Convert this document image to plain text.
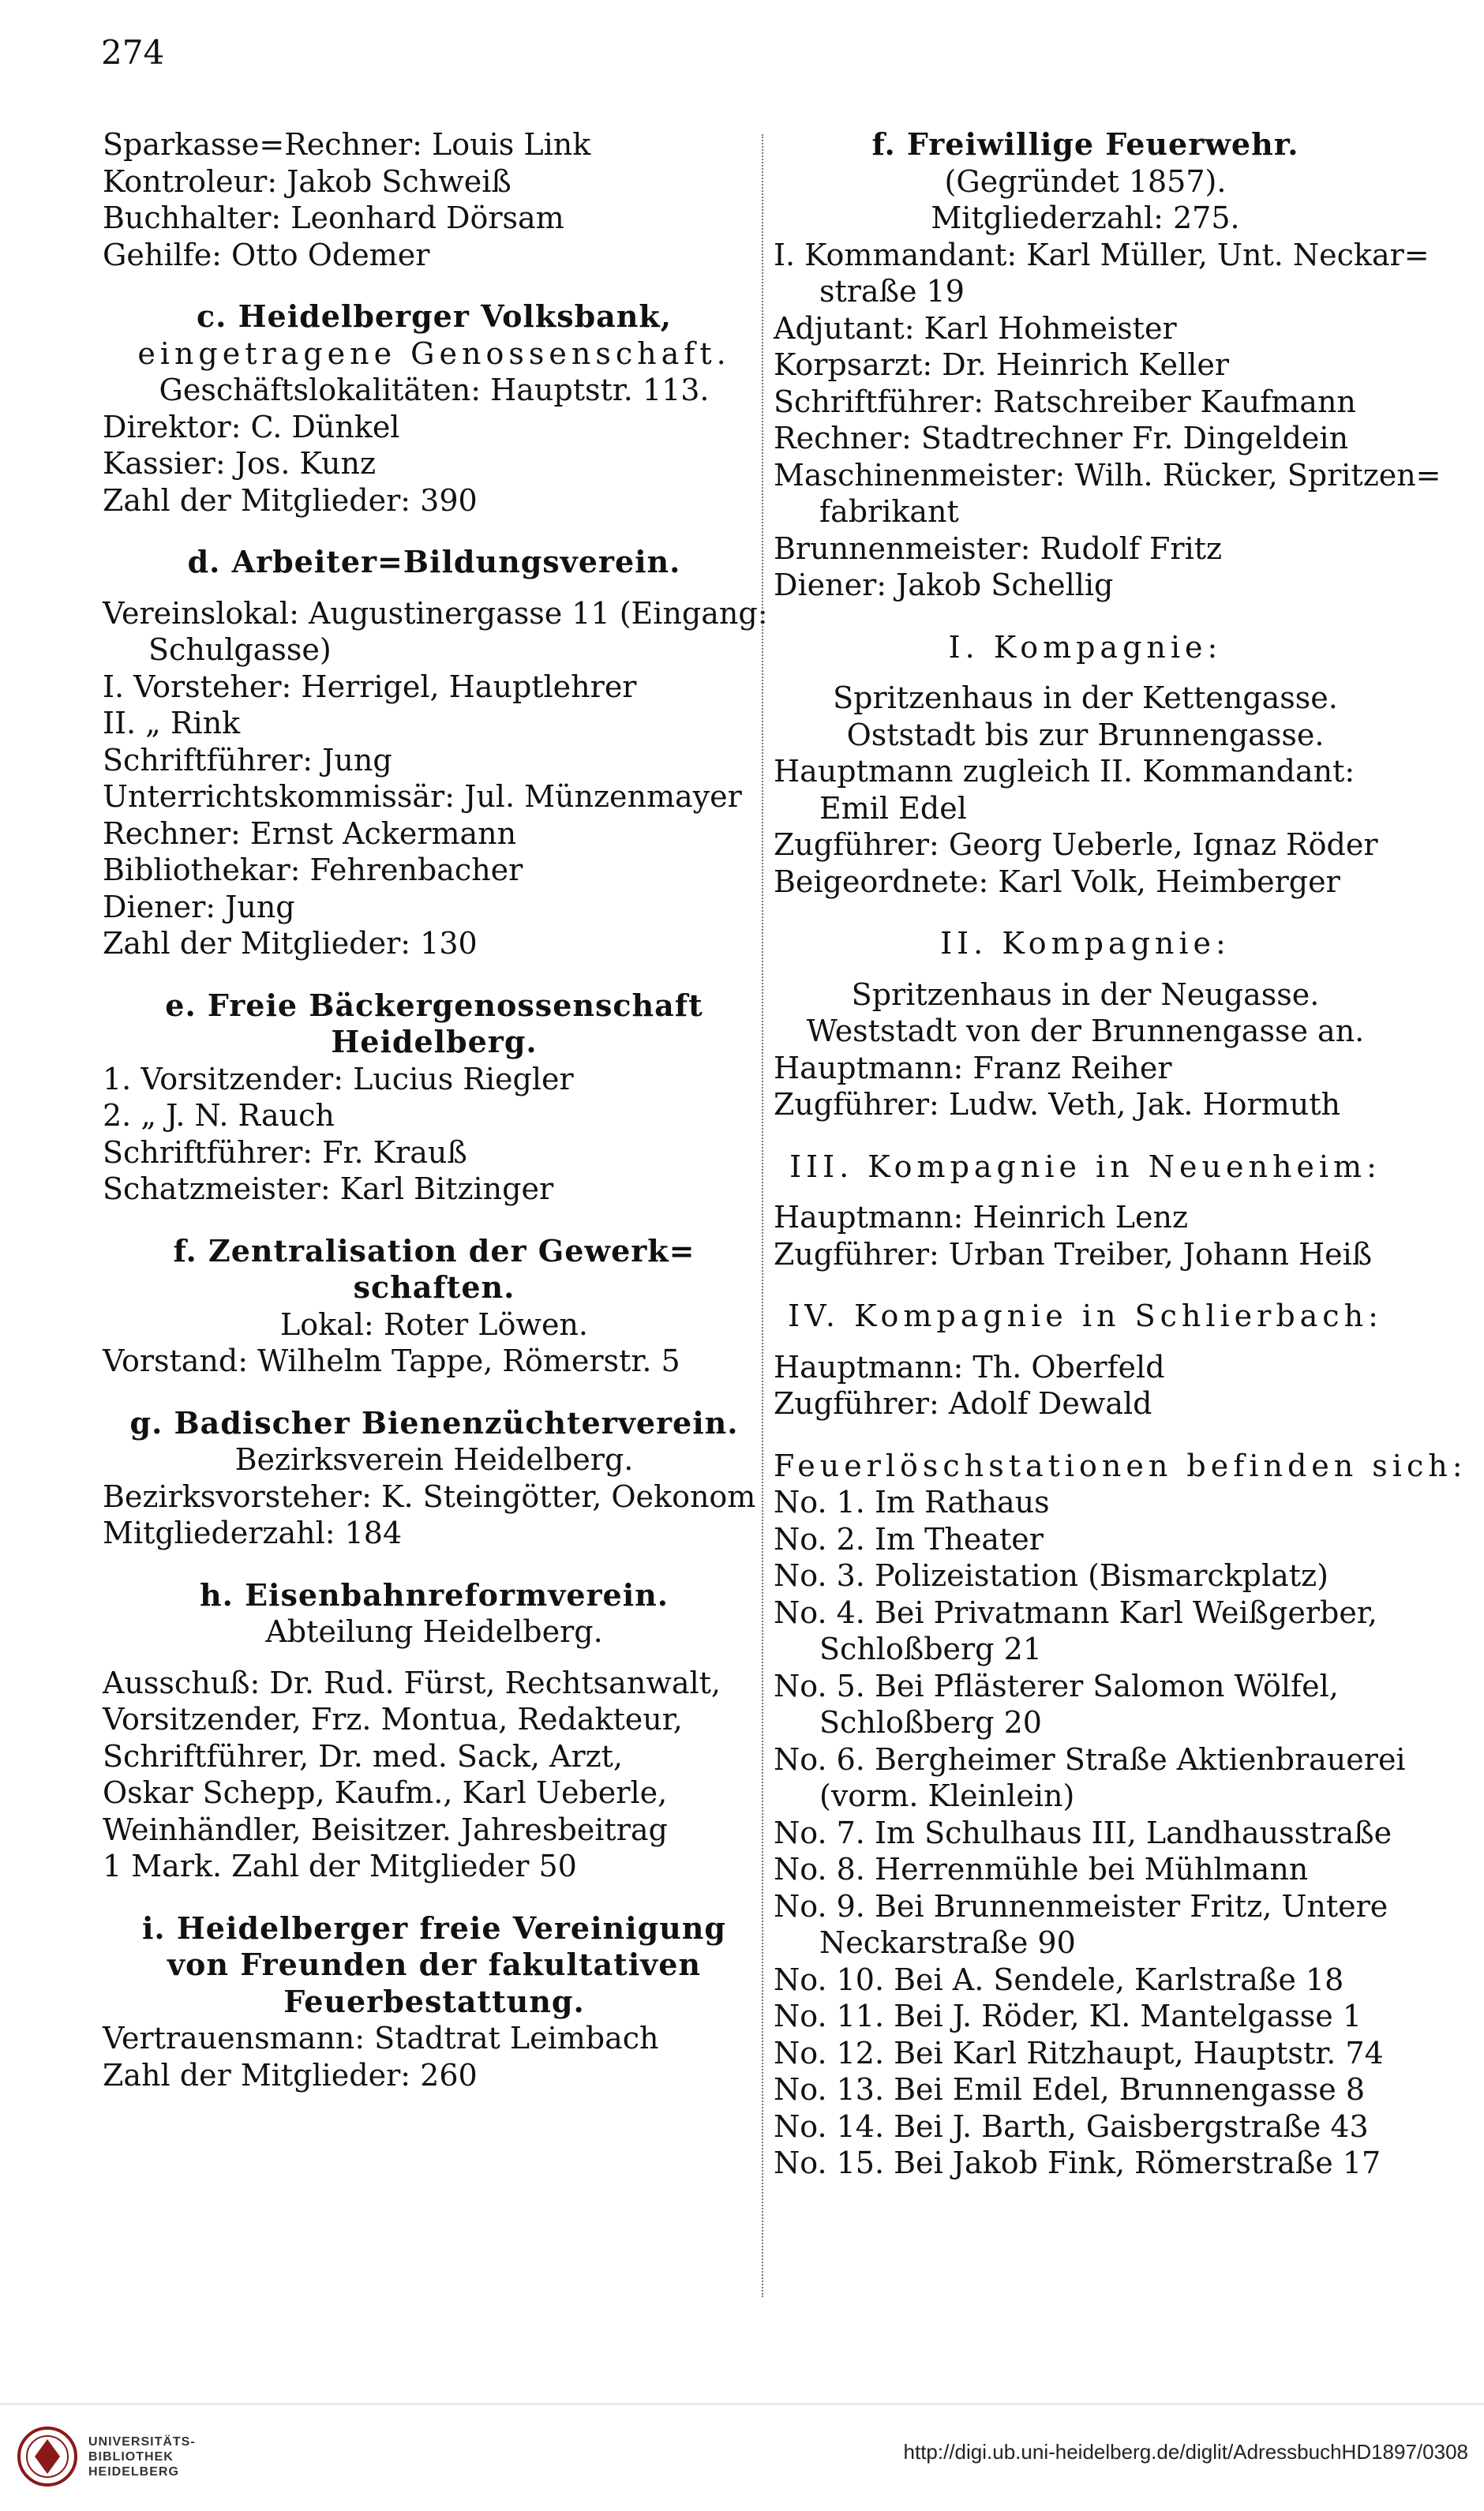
274
Sparkasse=Rechner: Louis Link
Kontroleur: Jakob Schweiß
Buchhalter: Leonhard Dörsam
Gehilfe: Otto Odemer
c. Heidelberger Volksbank,
eingetragene Genossenschaft.
Geschäftslokalitäten: Hauptstr. 113.
Direktor: C. Dünkel
Kassier: Jos. Kunz
Zahl der Mitglieder: 390
d. Arbeiter=Bildungsverein.
Vereinslokal: Augustinergasse 11 (Eingang:
Schulgasse)
I. Vorsteher: Herrigel, Hauptlehrer
II. „ Rink
Schriftführer: Jung
Unterrichtskommissär: Jul. Münzenmayer
Rechner: Ernst Ackermann
Bibliothekar: Fehrenbacher
Diener: Jung
Zahl der Mitglieder: 130
e. Freie Bäckergenossenschaft
Heidelberg.
1. Vorsitzender: Lucius Riegler
2. „ J. N. Rauch
Schriftführer: Fr. Krauß
Schatzmeister: Karl Bitzinger
f. Zentralisation der Gewerk=
schaften.
Lokal: Roter Löwen.
Vorstand: Wilhelm Tappe, Römerstr. 5
g. Badischer Bienenzüchterverein.
Bezirksverein Heidelberg.
Bezirksvorsteher: K. Steingötter, Oekonom
Mitgliederzahl: 184
h. Eisenbahnreformverein.
Abteilung Heidelberg.
Ausschuß: Dr. Rud. Fürst, Rechtsanwalt,
Vorsitzender, Frz. Montua, Redakteur,
Schriftführer, Dr. med. Sack, Arzt,
Oskar Schepp, Kaufm., Karl Ueberle,
Weinhändler, Beisitzer. Jahresbeitrag
1 Mark. Zahl der Mitglieder 50
i. Heidelberger freie Vereinigung
von Freunden der fakultativen
Feuerbestattung.
Vertrauensmann: Stadtrat Leimbach
Zahl der Mitglieder: 260
f. Freiwillige Feuerwehr.
(Gegründet 1857).
Mitgliederzahl: 275.
I. Kommandant: Karl Müller, Unt. Neckar=
straße 19
Adjutant: Karl Hohmeister
Korpsarzt: Dr. Heinrich Keller
Schriftführer: Ratschreiber Kaufmann
Rechner: Stadtrechner Fr. Dingeldein
Maschinenmeister: Wilh. Rücker, Spritzen=
fabrikant
Brunnenmeister: Rudolf Fritz
Diener: Jakob Schellig
I. Kompagnie:
Spritzenhaus in der Kettengasse.
Oststadt bis zur Brunnengasse.
Hauptmann zugleich II. Kommandant:
Emil Edel
Zugführer: Georg Ueberle, Ignaz Röder
Beigeordnete: Karl Volk, Heimberger
II. Kompagnie:
Spritzenhaus in der Neugasse.
Weststadt von der Brunnengasse an.
Hauptmann: Franz Reiher
Zugführer: Ludw. Veth, Jak. Hormuth
III. Kompagnie in Neuenheim:
Hauptmann: Heinrich Lenz
Zugführer: Urban Treiber, Johann Heiß
IV. Kompagnie in Schlierbach:
Hauptmann: Th. Oberfeld
Zugführer: Adolf Dewald
Feuerlöschstationen befinden sich:
No. 1. Im Rathaus
No. 2. Im Theater
No. 3. Polizeistation (Bismarckplatz)
No. 4. Bei Privatmann Karl Weißgerber,
Schloßberg 21
No. 5. Bei Pflästerer Salomon Wölfel,
Schloßberg 20
No. 6. Bergheimer Straße Aktienbrauerei
(vorm. Kleinlein)
No. 7. Im Schulhaus III, Landhausstraße
No. 8. Herrenmühle bei Mühlmann
No. 9. Bei Brunnenmeister Fritz, Untere
Neckarstraße 90
No. 10. Bei A. Sendele, Karlstraße 18
No. 11. Bei J. Röder, Kl. Mantelgasse 1
No. 12. Bei Karl Ritzhaupt, Hauptstr. 74
No. 13. Bei Emil Edel, Brunnengasse 8
No. 14. Bei J. Barth, Gaisbergstraße 43
No. 15. Bei Jakob Fink, Römerstraße 17
UNIVERSITÄTS-
BIBLIOTHEK
HEIDELBERG
http://digi.ub.uni-heidelberg.de/diglit/AdressbuchHD1897/0308
